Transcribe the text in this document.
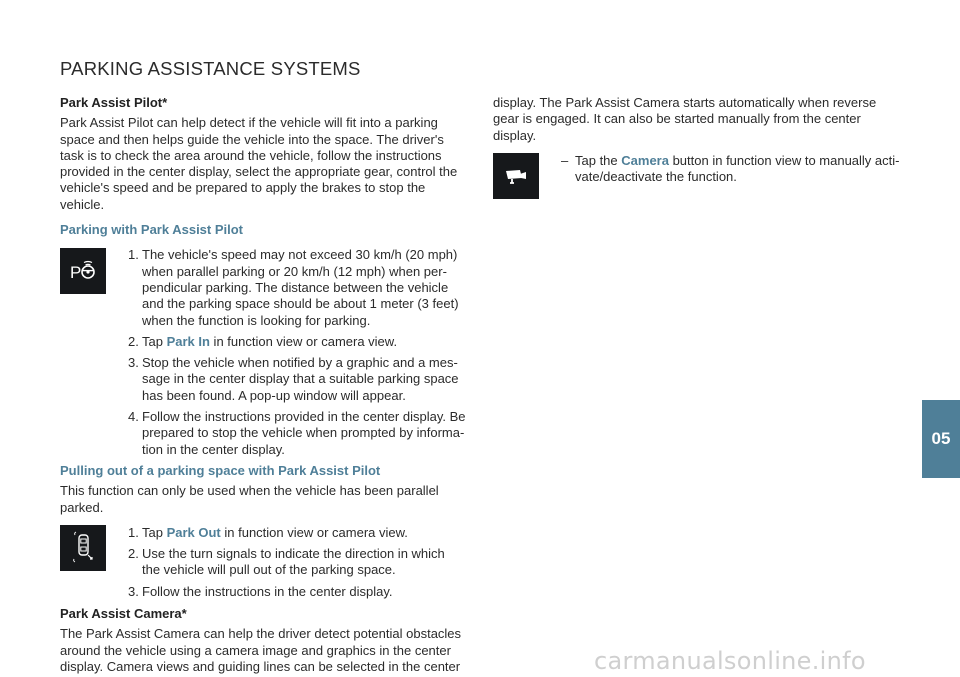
PARKING ASSISTANCE SYSTEMS
Park Assist Pilot*

Park Assist Pilot can help detect if the vehicle will fit into a parking space and then helps guide the vehicle into the space. The driver's task is to check the area around the vehicle, follow the instructions provided in the center display, select the appropriate gear, control the vehicle's speed and be prepared to apply the brakes to stop the vehicle.

Parking with Park Assist Pilot
P
1. The vehicle's speed may not exceed 30 km/h (20 mph) when parallel parking or 20 km/h (12 mph) when per-pendicular parking. The distance between the vehicle and the parking space should be about 1 meter (3 feet) when the function is looking for parking.
2. Tap Park In in function view or camera view.
3. Stop the vehicle when notified by a graphic and a mes-sage in the center display that a suitable parking space has been found. A pop-up window will appear.
4. Follow the instructions provided in the center display. Be prepared to stop the vehicle when prompted by informa-tion in the center display.
Pulling out of a parking space with Park Assist Pilot

This function can only be used when the vehicle has been parallel parked.

1. Tap Park Out in function view or camera view.
2. Use the turn signals to indicate the direction in which the vehicle will pull out of the parking space.
3. Follow the instructions in the center display.
Park Assist Camera*

The Park Assist Camera can help the driver detect potential obstacles around the vehicle using a camera image and graphics in the center display. Camera views and guiding lines can be selected in the center

display. The Park Assist Camera starts automatically when reverse gear is engaged. It can also be started manually from the center display.

– Tap the Camera button in function view to manually acti-vate/deactivate the function.
05
carmanualsonline.info
